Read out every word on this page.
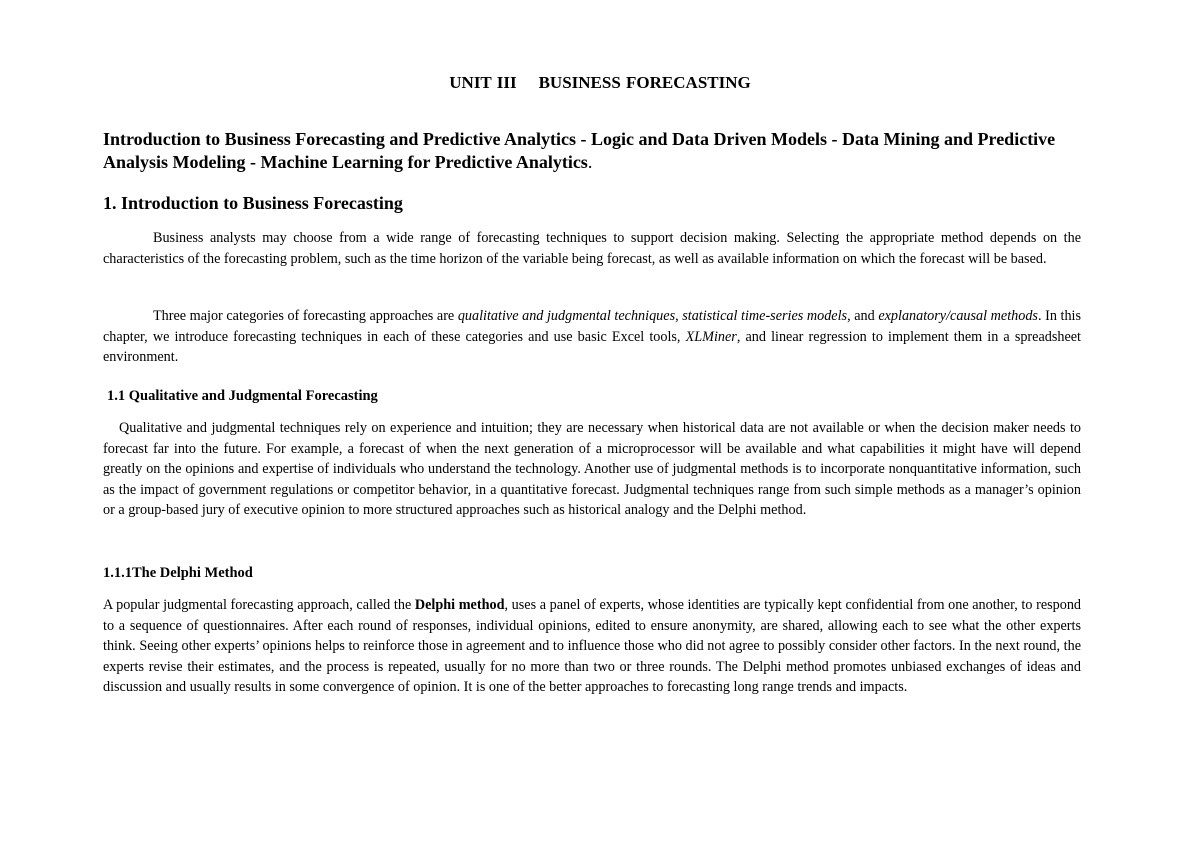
UNIT III BUSINESS FORECASTING
Introduction to Business Forecasting and Predictive Analytics - Logic and Data Driven Models - Data Mining and Predictive Analysis Modeling - Machine Learning for Predictive Analytics.
1. Introduction to Business Forecasting
Business analysts may choose from a wide range of forecasting techniques to support decision making. Selecting the appropriate method depends on the characteristics of the forecasting problem, such as the time horizon of the variable being forecast, as well as available information on which the forecast will be based.
Three major categories of forecasting approaches are qualitative and judgmental techniques, statistical time-series models, and explanatory/causal methods. In this chapter, we introduce forecasting techniques in each of these categories and use basic Excel tools, XLMiner, and linear regression to implement them in a spreadsheet environment.
1.1 Qualitative and Judgmental Forecasting
Qualitative and judgmental techniques rely on experience and intuition; they are necessary when historical data are not available or when the decision maker needs to forecast far into the future. For example, a forecast of when the next generation of a microprocessor will be available and what capabilities it might have will depend greatly on the opinions and expertise of individuals who understand the technology. Another use of judgmental methods is to incorporate nonquantitative information, such as the impact of government regulations or competitor behavior, in a quantitative forecast. Judgmental techniques range from such simple methods as a manager’s opinion or a group-based jury of executive opinion to more structured approaches such as historical analogy and the Delphi method.
1.1.1The Delphi Method
A popular judgmental forecasting approach, called the Delphi method, uses a panel of experts, whose identities are typically kept confidential from one another, to respond to a sequence of questionnaires. After each round of responses, individual opinions, edited to ensure anonymity, are shared, allowing each to see what the other experts think. Seeing other experts’ opinions helps to reinforce those in agreement and to influence those who did not agree to possibly consider other factors. In the next round, the experts revise their estimates, and the process is repeated, usually for no more than two or three rounds. The Delphi method promotes unbiased exchanges of ideas and discussion and usually results in some convergence of opinion. It is one of the better approaches to forecasting long range trends and impacts.
